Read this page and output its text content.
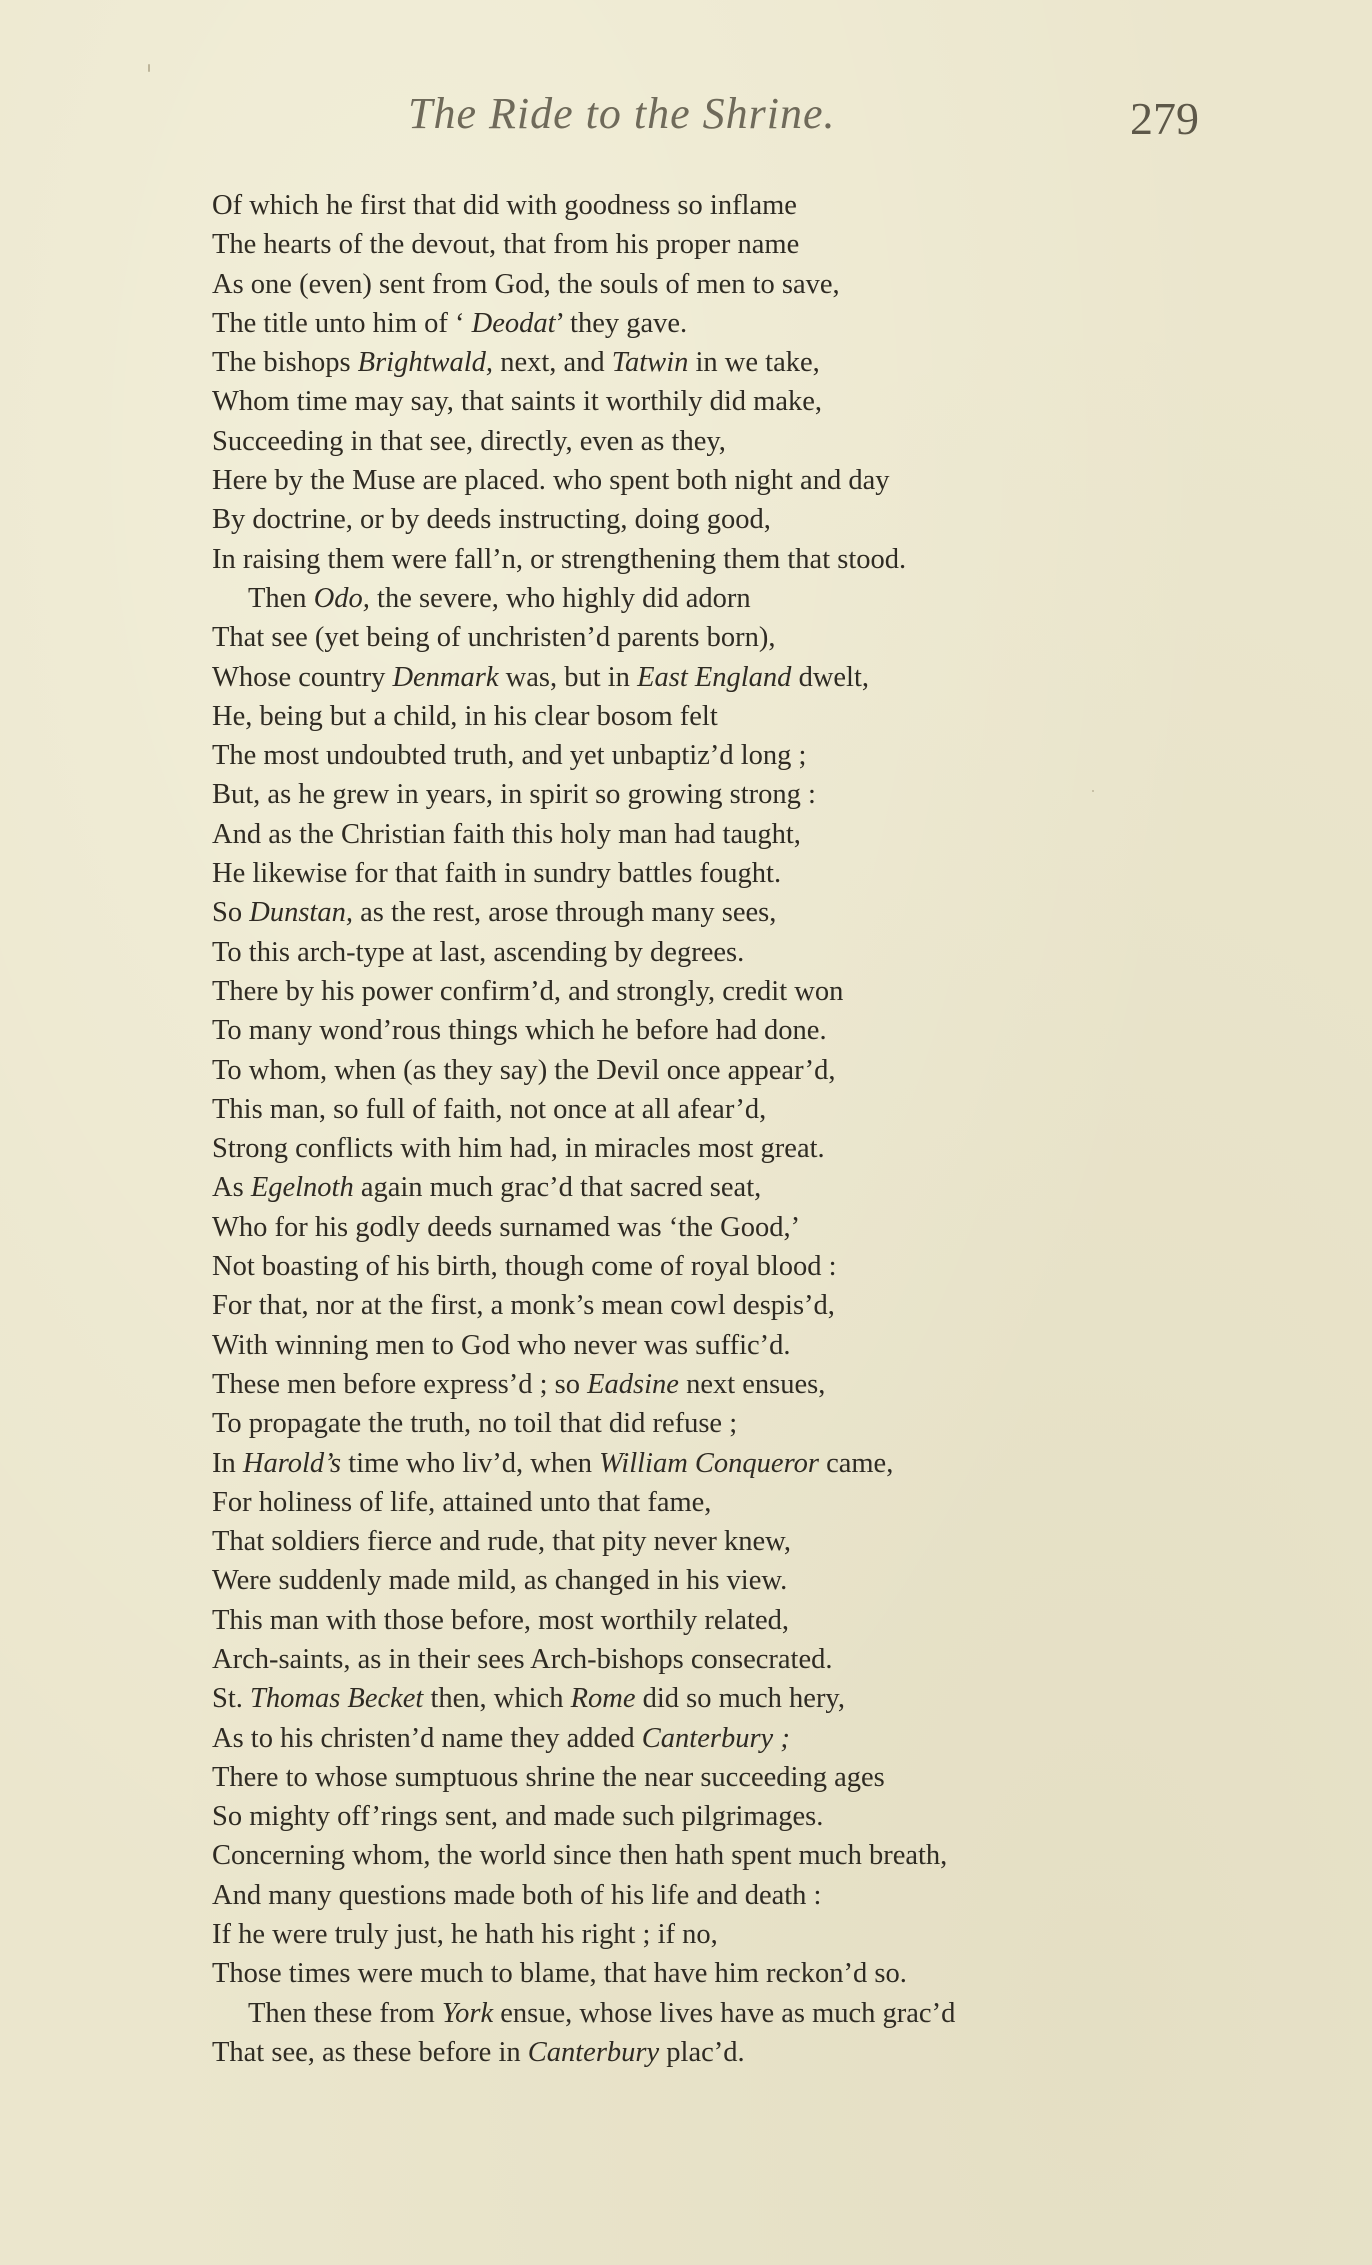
The Ride to the Shrine.	279
Of which he first that did with goodness so inflame
The hearts of the devout, that from his proper name
As one (even) sent from God, the souls of men to save,
The title unto him of ‘ Deodat’ they gave.
The bishops Brightwald, next, and Tatwin in we take,
Whom time may say, that saints it worthily did make,
Succeeding in that see, directly, even as they,
Here by the Muse are placed. who spent both night and day
By doctrine, or by deeds instructing, doing good,
In raising them were fall’n, or strengthening them that stood.
Then Odo, the severe, who highly did adorn
That see (yet being of unchristen’d parents born),
Whose country Denmark was, but in East England dwelt,
He, being but a child, in his clear bosom felt
The most undoubted truth, and yet unbaptiz’d long ;
But, as he grew in years, in spirit so growing strong :
And as the Christian faith this holy man had taught,
He likewise for that faith in sundry battles fought.
So Dunstan, as the rest, arose through many sees,
To this arch-type at last, ascending by degrees.
There by his power confirm’d, and strongly, credit won
To many wond’rous things which he before had done.
To whom, when (as they say) the Devil once appear’d,
This man, so full of faith, not once at all afear’d,
Strong conflicts with him had, in miracles most great.
As Egelnoth again much grac’d that sacred seat,
Who for his godly deeds surnamed was ‘the Good,’
Not boasting of his birth, though come of royal blood :
For that, nor at the first, a monk’s mean cowl despis’d,
With winning men to God who never was suffic’d.
These men before express’d ; so Eadsine next ensues,
To propagate the truth, no toil that did refuse ;
In Harold’s time who liv’d, when William Conqueror came,
For holiness of life, attained unto that fame,
That soldiers fierce and rude, that pity never knew,
Were suddenly made mild, as changed in his view.
This man with those before, most worthily related,
Arch-saints, as in their sees Arch-bishops consecrated.
St. Thomas Becket then, which Rome did so much hery,
As to his christen’d name they added Canterbury ;
There to whose sumptuous shrine the near succeeding ages
So mighty off’rings sent, and made such pilgrimages.
Concerning whom, the world since then hath spent much breath,
And many questions made both of his life and death :
If he were truly just, he hath his right ; if no,
Those times were much to blame, that have him reckon’d so.
Then these from York ensue, whose lives have as much grac’d
That see, as these before in Canterbury plac’d.
